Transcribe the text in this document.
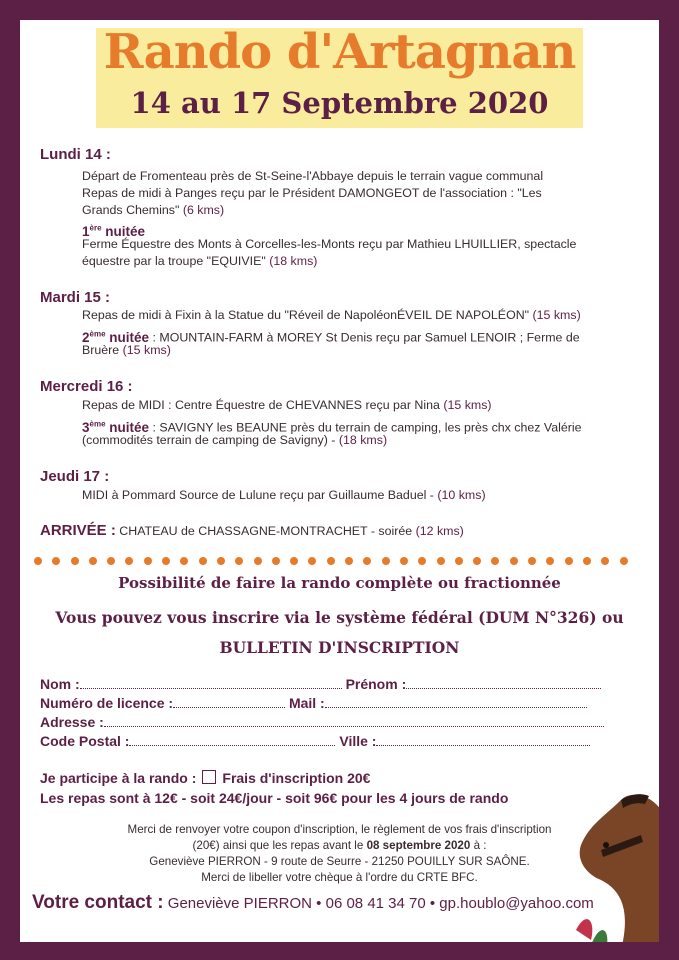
Rando d'Artagnan
14 au 17 Septembre 2020
Lundi 14 :
Départ de Fromenteau près de St-Seine-l'Abbaye depuis le terrain vague communal
Repas de midi à Panges reçu par le Président DAMONGEOT de l'association : "Les
Grands Chemins" (6 kms)
1ère nuitée
Ferme Équestre des Monts à Corcelles-les-Monts reçu par Mathieu LHUILLIER, spectacle
équestre par la troupe "EQUIVIE" (18 kms)
Mardi 15 :
Repas de midi à Fixin à la Statue du "Réveil de NapoléonÉVEIL DE NAPOLÉON" (15 kms)
2ème nuitée : MOUNTAIN-FARM à MOREY St Denis reçu par Samuel LENOIR ; Ferme de
Bruère (15 kms)
Mercredi 16 :
Repas de MIDI : Centre Équestre de CHEVANNES reçu par Nina (15 kms)
3ème nuitée : SAVIGNY les BEAUNE près du terrain de camping, les près chx chez Valérie
(commodités terrain de camping de Savigny) - (18 kms)
Jeudi 17 :
MIDI à Pommard Source de Lulune reçu par Guillaume Baduel - (10 kms)
ARRIVÉE : CHATEAU de CHASSAGNE-MONTRACHET - soirée (12 kms)
Possibilité de faire la rando complète ou fractionnée
Vous pouvez vous inscrire via le système fédéral (DUM N°326) ou
BULLETIN D'INSCRIPTION
Nom :	Prénom :
Numéro de licence :	Mail :
Adresse :
Code Postal :	Ville :
Je participe à la rando : Frais d'inscription 20€
Les repas sont à 12€ - soit 24€/jour - soit 96€ pour les 4 jours de rando
Merci de renvoyer votre coupon d'inscription, le règlement de vos frais d'inscription
(20€) ainsi que les repas avant le 08 septembre 2020 à :
Geneviève PIERRON - 9 route de Seurre - 21250 POUILLY SUR SAÔNE.
Merci de libeller votre chèque à l'ordre du CRTE BFC.
Votre contact : Geneviève PIERRON • 06 08 41 34 70 • gp.houblo@yahoo.com
